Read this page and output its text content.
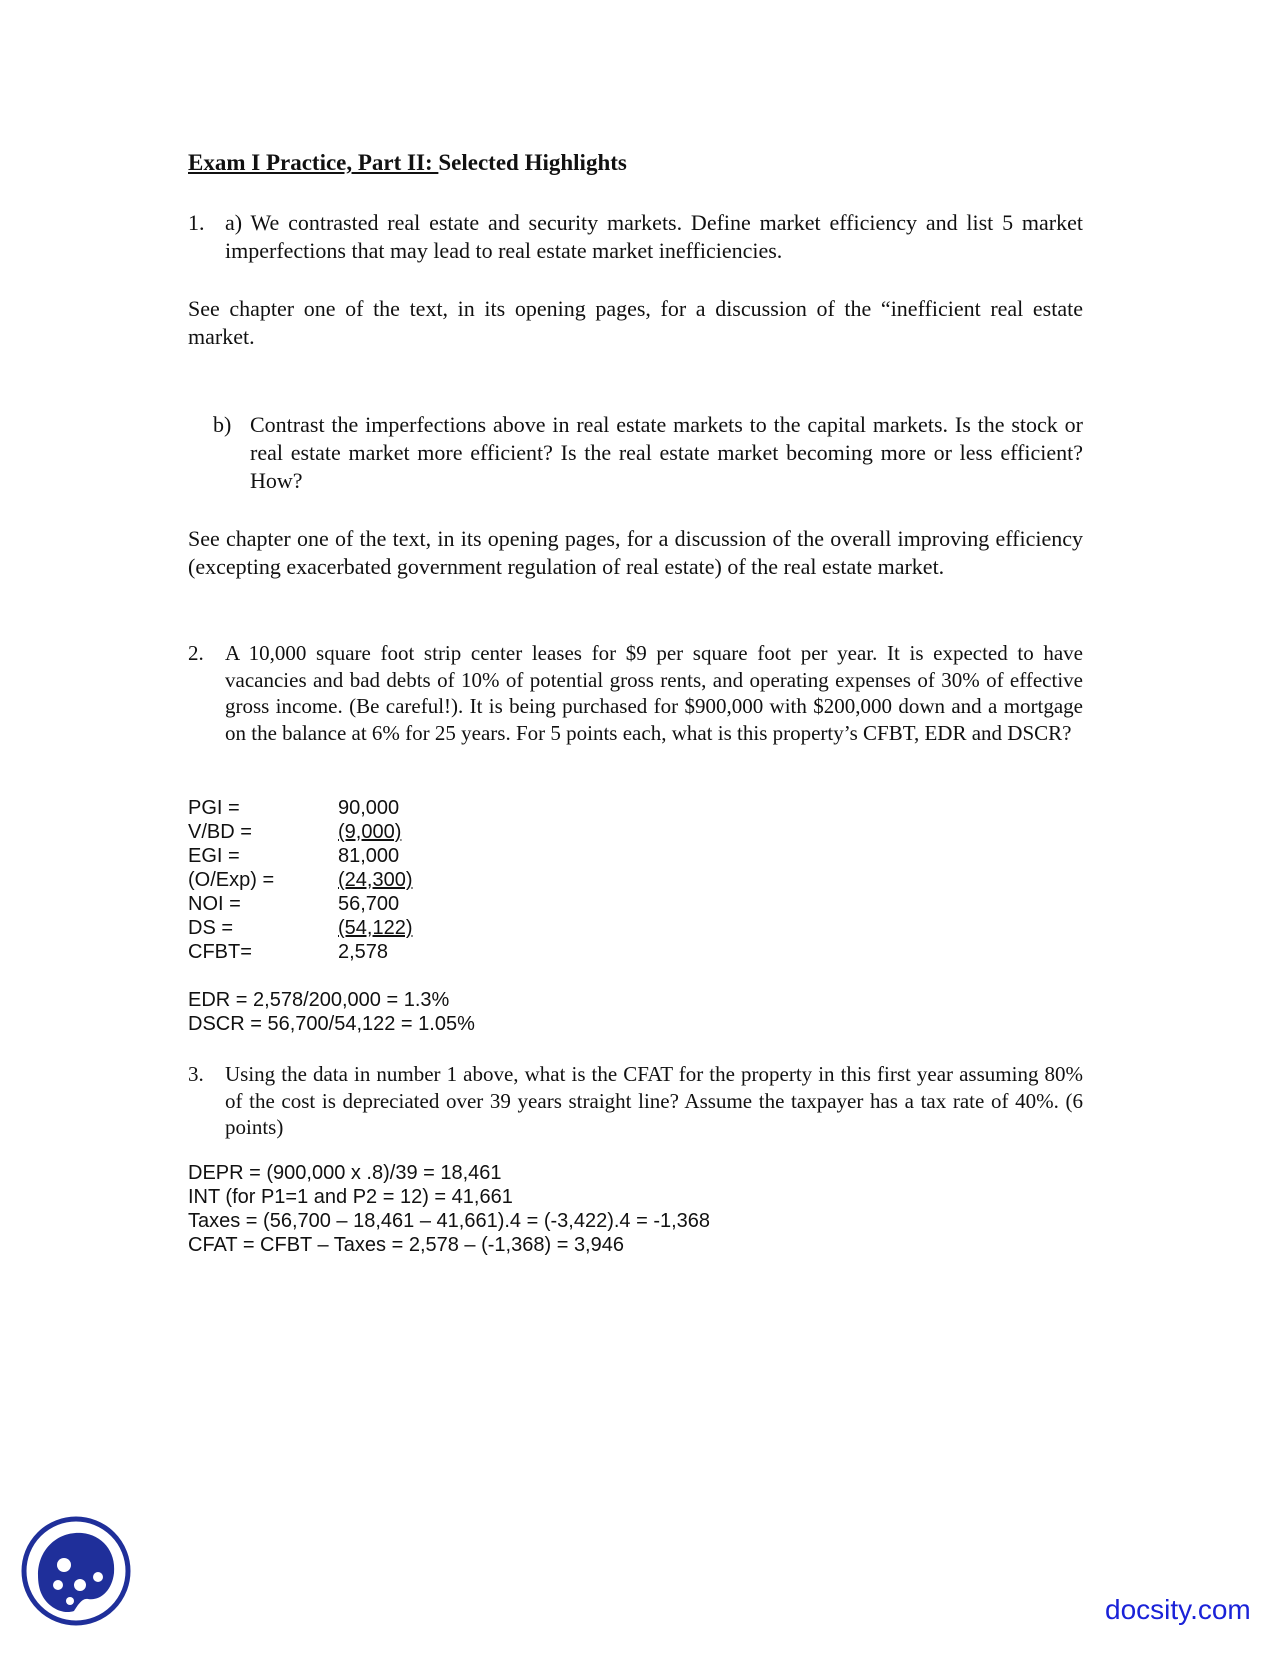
Exam I Practice, Part II: Selected Highlights
1. a) We contrasted real estate and security markets. Define market efficiency and list 5 market imperfections that may lead to real estate market inefficiencies.
See chapter one of the text, in its opening pages, for a discussion of the “inefficient real estate market.
b) Contrast the imperfections above in real estate markets to the capital markets. Is the stock or real estate market more efficient? Is the real estate market becoming more or less efficient? How?
See chapter one of the text, in its opening pages, for a discussion of the overall improving efficiency (excepting exacerbated government regulation of real estate) of the real estate market.
2. A 10,000 square foot strip center leases for $9 per square foot per year. It is expected to have vacancies and bad debts of 10% of potential gross rents, and operating expenses of 30% of effective gross income. (Be careful!). It is being purchased for $900,000 with $200,000 down and a mortgage on the balance at 6% for 25 years. For 5 points each, what is this property’s CFBT, EDR and DSCR?
PGI =	90,000
V/BD =	(9,000)
EGI =	81,000
(O/Exp) =	(24,300)
NOI =	56,700
DS =	(54,122)
CFBT=	2,578
EDR = 2,578/200,000 = 1.3%
DSCR = 56,700/54,122 = 1.05%
3. Using the data in number 1 above, what is the CFAT for the property in this first year assuming 80% of the cost is depreciated over 39 years straight line? Assume the taxpayer has a tax rate of 40%. (6 points)
DEPR = (900,000 x .8)/39 = 18,461
INT (for P1=1 and P2 = 12) = 41,661
Taxes = (56,700 – 18,461 – 41,661).4 = (-3,422).4 = -1,368
CFAT = CFBT – Taxes = 2,578 – (-1,368) = 3,946
docsity.com
